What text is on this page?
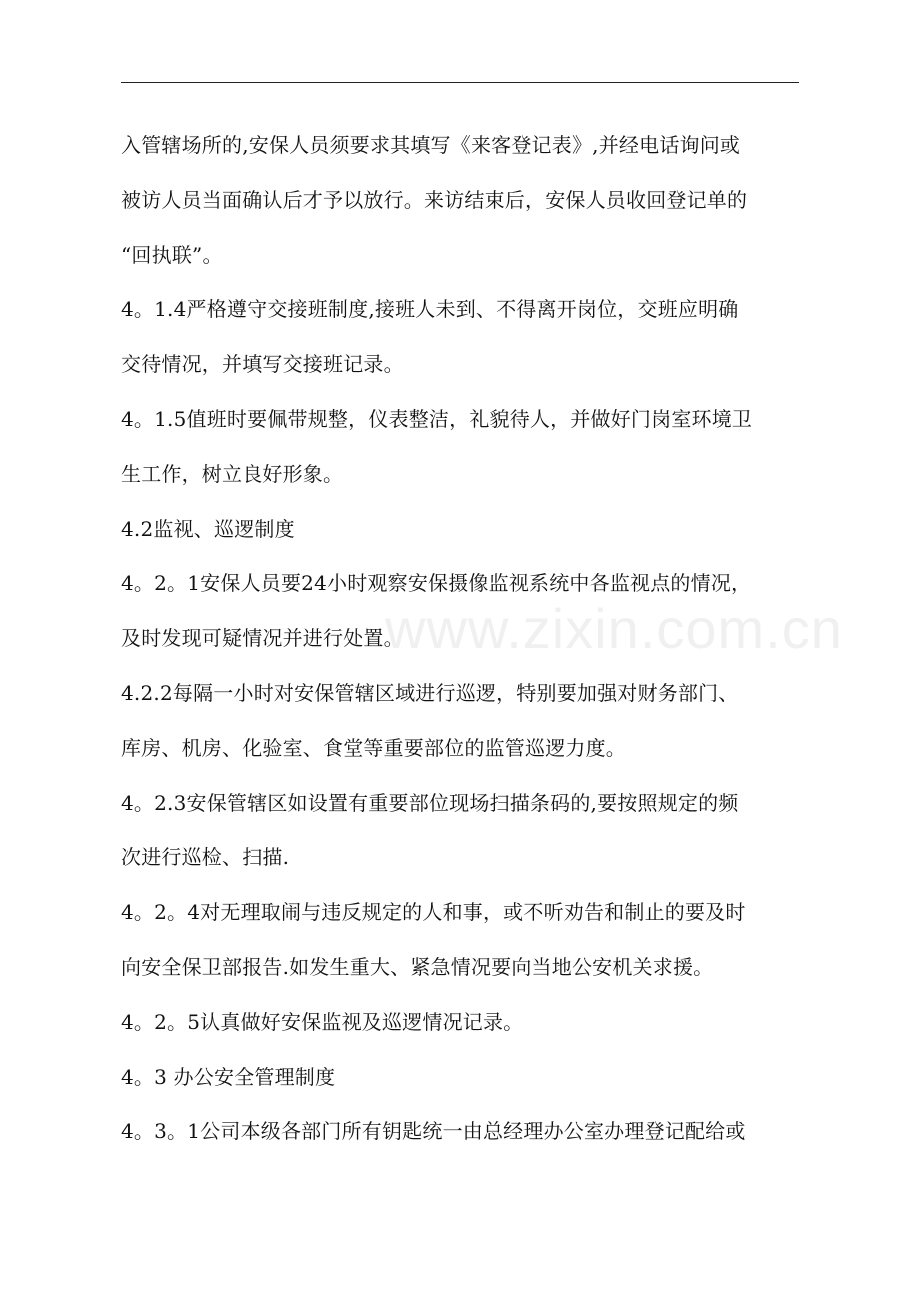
入管辖场所的,安保人员须要求其填写《来客登记表》,并经电话询问或
被访人员当面确认后才予以放行。来访结束后，安保人员收回登记单的
“回执联”。
4。1.4严格遵守交接班制度,接班人未到、不得离开岗位，交班应明确
交待情况，并填写交接班记录。
4。1.5值班时要佩带规整，仪表整洁，礼貌待人，并做好门岗室环境卫
生工作，树立良好形象。
4.2监视、巡逻制度
4。2。1安保人员要24小时观察安保摄像监视系统中各监视点的情况，
及时发现可疑情况并进行处置。
4.2.2每隔一小时对安保管辖区域进行巡逻，特别要加强对财务部门、
库房、机房、化验室、食堂等重要部位的监管巡逻力度。
4。2.3安保管辖区如设置有重要部位现场扫描条码的,要按照规定的频
次进行巡检、扫描.
4。2。4对无理取闹与违反规定的人和事，或不听劝告和制止的要及时
向安全保卫部报告.如发生重大、紧急情况要向当地公安机关求援。
4。2。5认真做好安保监视及巡逻情况记录。
4。3 办公安全管理制度
4。3。1公司本级各部门所有钥匙统一由总经理办公室办理登记配给或
www.zixin.com.cn
